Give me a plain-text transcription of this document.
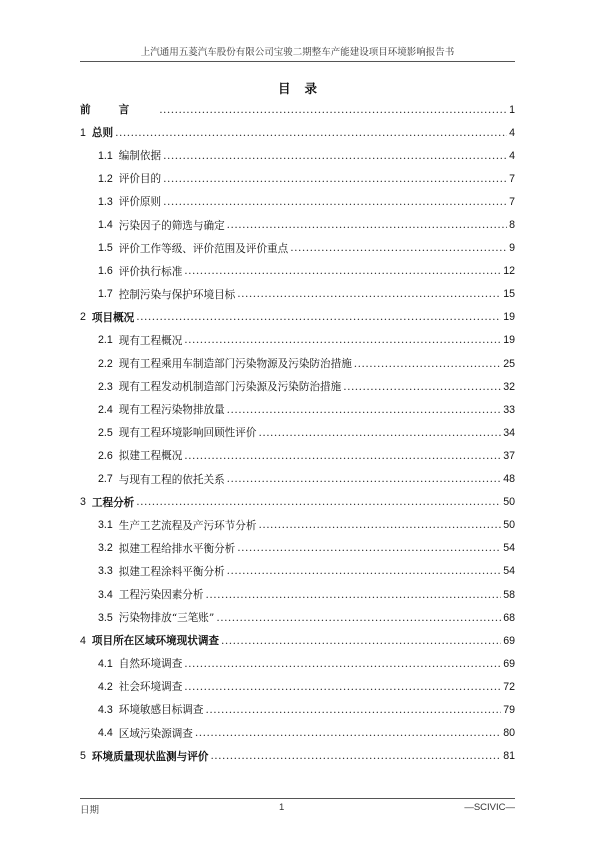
上汽通用五菱汽车股份有限公司宝骏二期整车产能建设项目环境影响报告书
目录
前言 .....	1
1 总则 .....	4
1.1 编制依据 .....	4
1.2 评价目的 .....	7
1.3 评价原则 .....	7
1.4 污染因子的筛选与确定 .....	8
1.5 评价工作等级、评价范围及评价重点 .....	9
1.6 评价执行标准 .....	12
1.7 控制污染与保护环境目标 .....	15
2 项目概况 .....	19
2.1 现有工程概况 .....	19
2.2 现有工程乘用车制造部门污染物源及污染防治措施 .....	25
2.3 现有工程发动机制造部门污染源及污染防治措施 .....	32
2.4 现有工程污染物排放量 .....	33
2.5 现有工程环境影响回顾性评价 .....	34
2.6 拟建工程概况 .....	37
2.7 与现有工程的依托关系 .....	48
3 工程分析 .....	50
3.1 生产工艺流程及产污环节分析 .....	50
3.2 拟建工程给排水平衡分析 .....	54
3.3 拟建工程涂料平衡分析 .....	54
3.4 工程污染因素分析 .....	58
3.5 污染物排放“三笔账” .....	68
4 项目所在区域环境现状调查 .....	69
4.1 自然环境调查 .....	69
4.2 社会环境调查 .....	72
4.3 环境敏感目标调查 .....	79
4.4 区域污染源调查 .....	80
5 环境质量现状监测与评价 .....	81
日期	1	—SCIVIC—
